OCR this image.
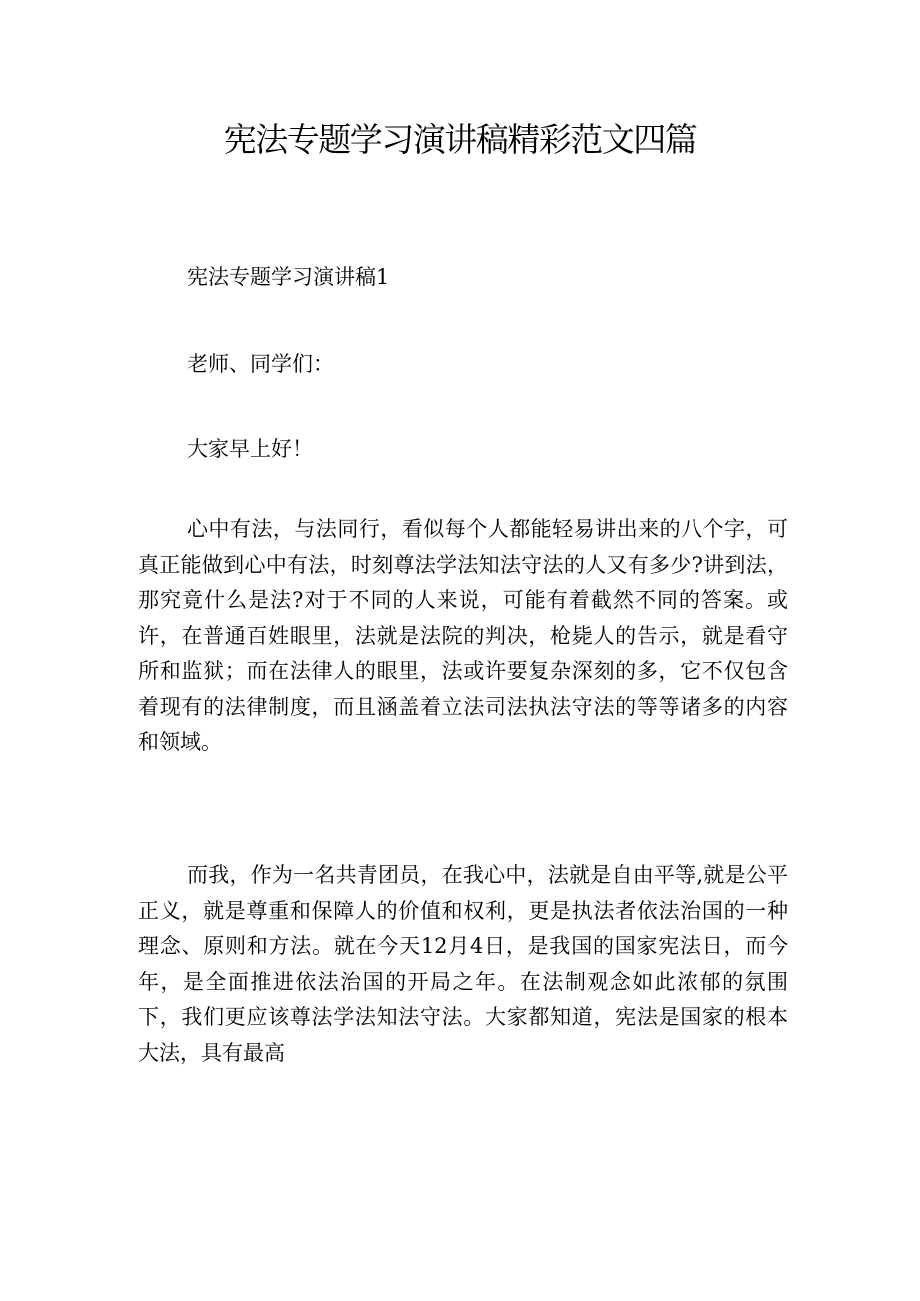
宪法专题学习演讲稿精彩范文四篇
宪法专题学习演讲稿1
老师、同学们：
大家早上好！

心中有法，与法同行，看似每个人都能轻易讲出来的八个字，可真正能做到心中有法，时刻尊法学法知法守法的人又有多少?讲到法，那究竟什么是法?对于不同的人来说，可能有着截然不同的答案。或许，在普通百姓眼里，法就是法院的判决，枪毙人的告示，就是看守所和监狱；而在法律人的眼里，法或许要复杂深刻的多，它不仅包含着现有的法律制度，而且涵盖着立法司法执法守法的等等诸多的内容和领域。

而我，作为一名共青团员，在我心中，法就是自由平等,就是公平正义，就是尊重和保障人的价值和权利，更是执法者依法治国的一种理念、原则和方法。就在今天12月4日，是我国的国家宪法日，而今年，是全面推进依法治国的开局之年。在法制观念如此浓郁的氛围下，我们更应该尊法学法知法守法。大家都知道，宪法是国家的根本大法，具有最高
